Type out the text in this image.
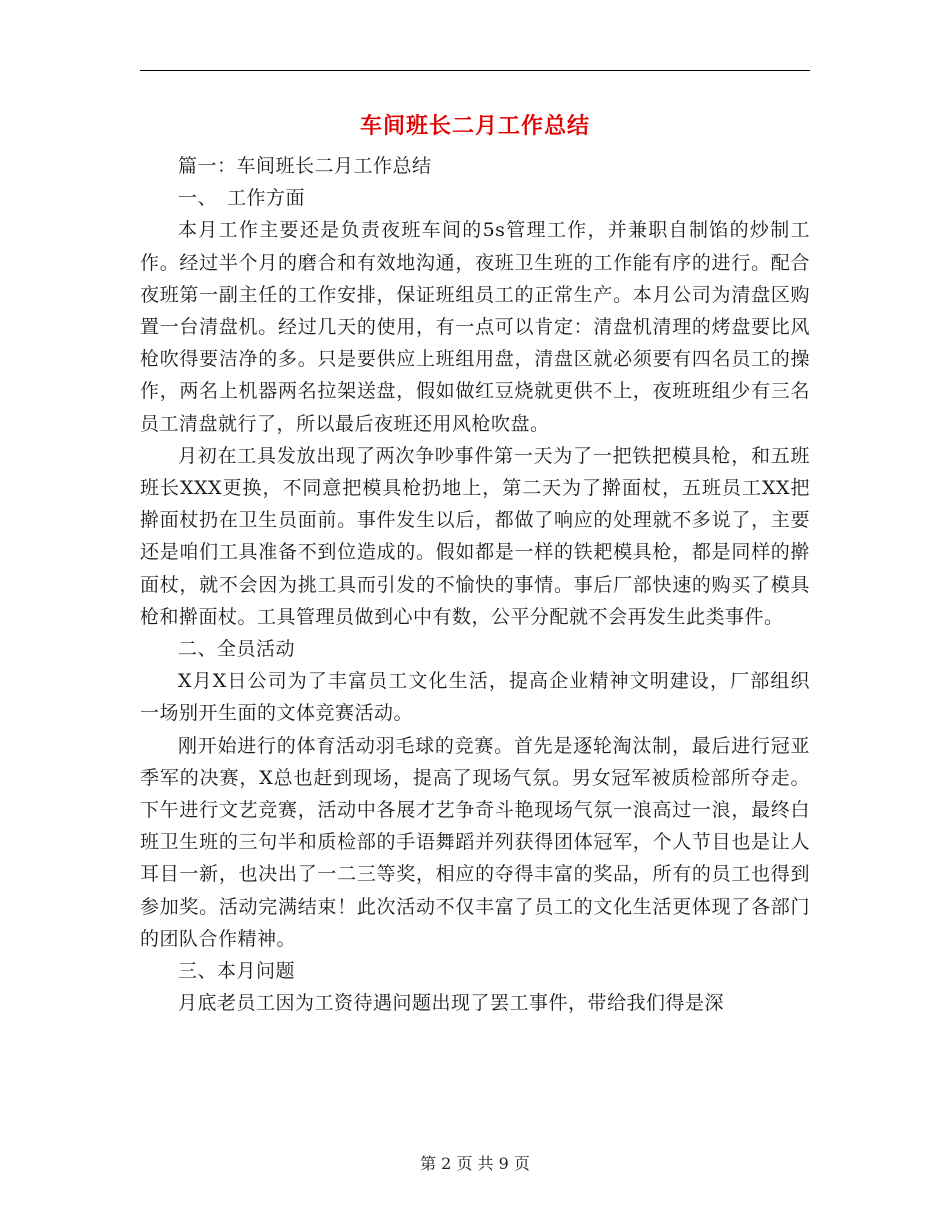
车间班长二月工作总结

篇一：车间班长二月工作总结

一、　工作方面

本月工作主要还是负责夜班车间的5s管理工作，并兼职自制馅的炒制工作。经过半个月的磨合和有效地沟通，夜班卫生班的工作能有序的进行。配合夜班第一副主任的工作安排，保证班组员工的正常生产。本月公司为清盘区购置一台清盘机。经过几天的使用，有一点可以肯定：清盘机清理的烤盘要比风枪吹得要洁净的多。只是要供应上班组用盘，清盘区就必须要有四名员工的操作，两名上机器两名拉架送盘，假如做红豆烧就更供不上，夜班班组少有三名员工清盘就行了，所以最后夜班还用风枪吹盘。

月初在工具发放出现了两次争吵事件第一天为了一把铁把模具枪，和五班班长XXX更换，不同意把模具枪扔地上，第二天为了擀面杖，五班员工XX把擀面杖扔在卫生员面前。事件发生以后，都做了响应的处理就不多说了，主要还是咱们工具准备不到位造成的。假如都是一样的铁耙模具枪，都是同样的擀面杖，就不会因为挑工具而引发的不愉快的事情。事后厂部快速的购买了模具枪和擀面杖。工具管理员做到心中有数，公平分配就不会再发生此类事件。

二、全员活动

X月X日公司为了丰富员工文化生活，提高企业精神文明建设，厂部组织一场别开生面的文体竞赛活动。

刚开始进行的体育活动羽毛球的竞赛。首先是逐轮淘汰制，最后进行冠亚季军的决赛，X总也赶到现场，提高了现场气氛。男女冠军被质检部所夺走。下午进行文艺竞赛，活动中各展才艺争奇斗艳现场气氛一浪高过一浪，最终白班卫生班的三句半和质检部的手语舞蹈并列获得团体冠军，个人节目也是让人耳目一新，也决出了一二三等奖，相应的夺得丰富的奖品，所有的员工也得到参加奖。活动完满结束！此次活动不仅丰富了员工的文化生活更体现了各部门的团队合作精神。

三、本月问题

月底老员工因为工资待遇问题出现了罢工事件，带给我们得是深

第 2 页 共 9 页
